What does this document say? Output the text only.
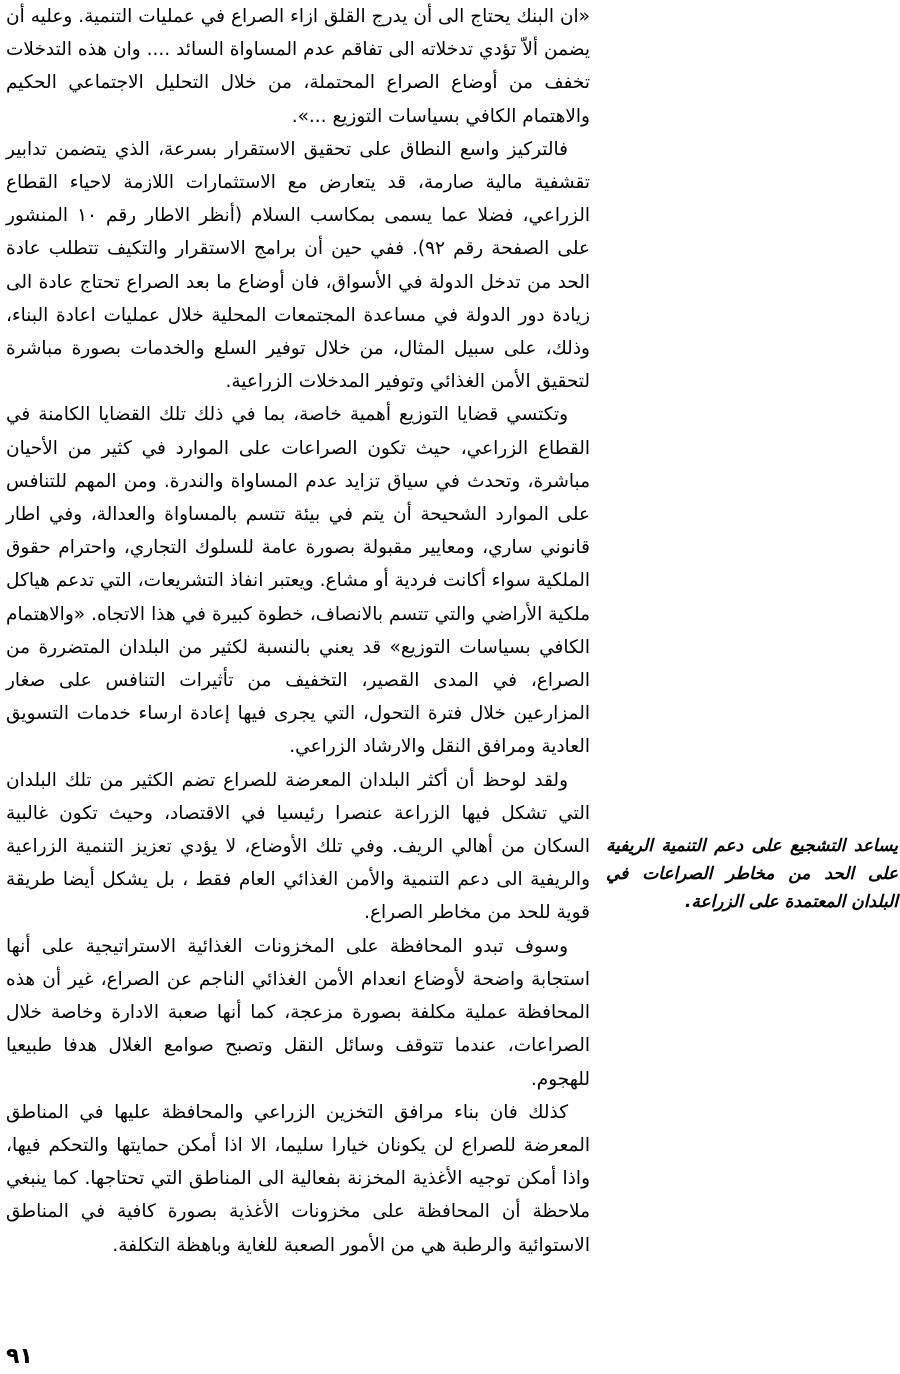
«ان البنك يحتاج الى أن يدرج القلق ازاء الصراع في عمليات التنمية. وعليه أن يضمن ألاّ تؤدي تدخلاته الى تفاقم عدم المساواة السائد .... وان هذه التدخلات تخفف من أوضاع الصراع المحتملة، من خلال التحليل الاجتماعي الحكيم والاهتمام الكافي بسياسات التوزيع ...».

فالتركيز واسع النطاق على تحقيق الاستقرار بسرعة، الذي يتضمن تدابير تقشفية مالية صارمة، قد يتعارض مع الاستثمارات اللازمة لاحياء القطاع الزراعي، فضلا عما يسمى بمكاسب السلام (أنظر الاطار رقم ١٠ المنشور على الصفحة رقم ٩٢). ففي حين أن برامج الاستقرار والتكيف تتطلب عادة الحد من تدخل الدولة في الأسواق، فان أوضاع ما بعد الصراع تحتاج عادة الى زيادة دور الدولة في مساعدة المجتمعات المحلية خلال عمليات اعادة البناء، وذلك، على سبيل المثال، من خلال توفير السلع والخدمات بصورة مباشرة لتحقيق الأمن الغذائي وتوفير المدخلات الزراعية.

وتكتسي قضايا التوزيع أهمية خاصة، بما في ذلك تلك القضايا الكامنة في القطاع الزراعي، حيث تكون الصراعات على الموارد في كثير من الأحيان مباشرة، وتحدث في سياق تزايد عدم المساواة والندرة. ومن المهم للتنافس على الموارد الشحيحة أن يتم في بيئة تتسم بالمساواة والعدالة، وفي اطار قانوني ساري، ومعايير مقبولة بصورة عامة للسلوك التجاري، واحترام حقوق الملكية سواء أكانت فردية أو مشاع. ويعتبر انفاذ التشريعات، التي تدعم هياكل ملكية الأراضي والتي تتسم بالانصاف، خطوة كبيرة في هذا الاتجاه. «والاهتمام الكافي بسياسات التوزيع» قد يعني بالنسبة لكثير من البلدان المتضررة من الصراع، في المدى القصير، التخفيف من تأثيرات التنافس على صغار المزارعين خلال فترة التحول، التي يجرى فيها إعادة ارساء خدمات التسويق العادية ومرافق النقل والارشاد الزراعي.

ولقد لوحظ أن أكثر البلدان المعرضة للصراع تضم الكثير من تلك البلدان التي تشكل فيها الزراعة عنصرا رئيسيا في الاقتصاد، وحيث تكون غالبية السكان من أهالي الريف. وفي تلك الأوضاع، لا يؤدي تعزيز التنمية الزراعية والريفية الى دعم التنمية والأمن الغذائي العام فقط ، بل يشكل أيضا طريقة قوية للحد من مخاطر الصراع.

وسوف تبدو المحافظة على المخزونات الغذائية الاستراتيجية على أنها استجابة واضحة لأوضاع انعدام الأمن الغذائي الناجم عن الصراع، غير أن هذه المحافظة عملية مكلفة بصورة مزعجة، كما أنها صعبة الادارة وخاصة خلال الصراعات، عندما تتوقف وسائل النقل وتصبح صوامع الغلال هدفا طبيعيا للهجوم.

كذلك فان بناء مرافق التخزين الزراعي والمحافظة عليها في المناطق المعرضة للصراع لن يكونان خيارا سليما، الا اذا أمكن حمايتها والتحكم فيها، واذا أمكن توجيه الأغذية المخزنة بفعالية الى المناطق التي تحتاجها. كما ينبغي ملاحظة أن المحافظة على مخزونات الأغذية بصورة كافية في المناطق الاستوائية والرطبة هي من الأمور الصعبة للغاية وباهظة التكلفة.

يساعد التشجيع على دعم التنمية الريفية على الحد من مخاطر الصراعات في البلدان المعتمدة على الزراعة.
٩١
